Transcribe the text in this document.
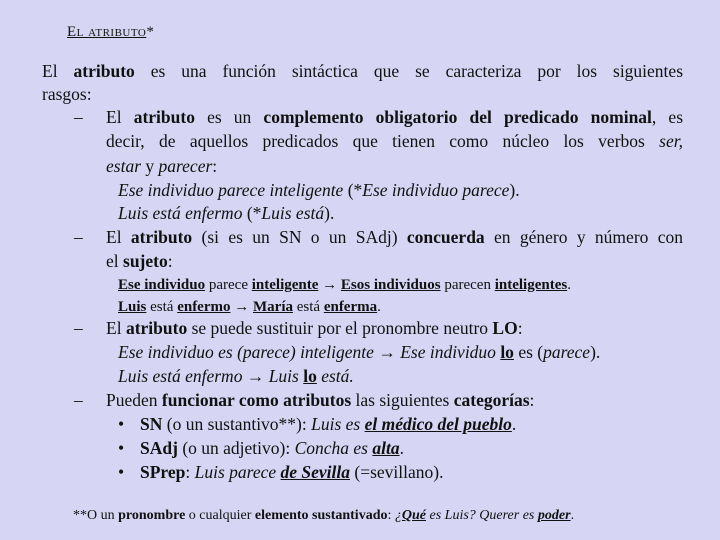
El atributo*
El atributo es una función sintáctica que se caracteriza por los siguientes
rasgos:
– El atributo es un complemento obligatorio del predicado nominal, es
decir, de aquellos predicados que tienen como núcleo los verbos ser,
estar y parecer:
Ese individuo parece inteligente (*Ese individuo parece).
Luis está enfermo (*Luis está).
– El atributo (si es un SN o un SAdj) concuerda en género y número con
el sujeto:
Ese individuo parece inteligente → Esos individuos parecen inteligentes.
Luis está enfermo → María está enferma.
– El atributo se puede sustituir por el pronombre neutro LO:
Ese individuo es (parece) inteligente → Ese individuo lo es (parece).
Luis está enfermo → Luis lo está.
– Pueden funcionar como atributos las siguientes categorías:
• SN (o un sustantivo**): Luis es el médico del pueblo.
• SAdj (o un adjetivo): Concha es alta.
• SPrep: Luis parece de Sevilla (=sevillano).
**O un pronombre o cualquier elemento sustantivado: ¿Qué es Luis? Querer es poder.
